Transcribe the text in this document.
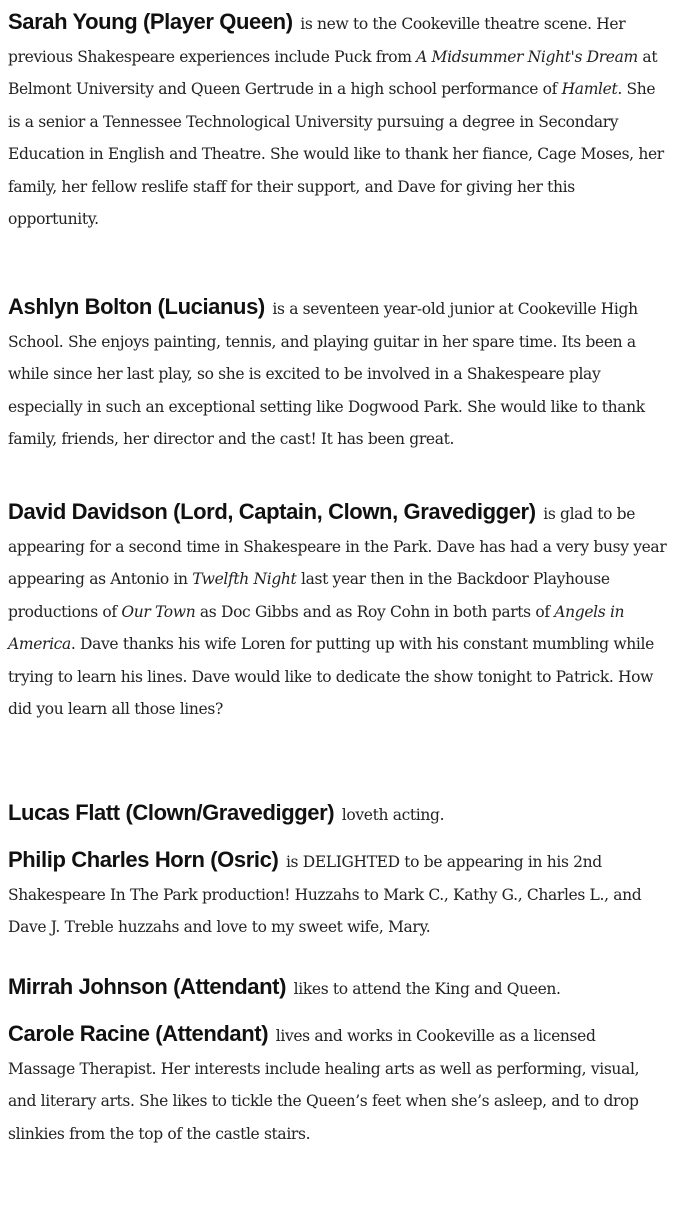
Sarah Young (Player Queen) is new to the Cookeville theatre scene. Her previous Shakespeare experiences include Puck from A Midsummer Night's Dream at Belmont University and Queen Gertrude in a high school performance of Hamlet. She is a senior a Tennessee Technological University pursuing a degree in Secondary Education in English and Theatre. She would like to thank her fiance, Cage Moses, her family, her fellow reslife staff for their support, and Dave for giving her this opportunity.

Ashlyn Bolton (Lucianus) is a seventeen year-old junior at Cookeville High School. She enjoys painting, tennis, and playing guitar in her spare time. Its been a while since her last play, so she is excited to be involved in a Shakespeare play especially in such an exceptional setting like Dogwood Park. She would like to thank family, friends, her director and the cast! It has been great.

David Davidson (Lord, Captain, Clown, Gravedigger) is glad to be appearing for a second time in Shakespeare in the Park. Dave has had a very busy year appearing as Antonio in Twelfth Night last year then in the Backdoor Playhouse productions of Our Town as Doc Gibbs and as Roy Cohn in both parts of Angels in America. Dave thanks his wife Loren for putting up with his constant mumbling while trying to learn his lines. Dave would like to dedicate the show tonight to Patrick. How did you learn all those lines?

Lucas Flatt (Clown/Gravedigger) loveth acting.

Philip Charles Horn (Osric) is DELIGHTED to be appearing in his 2nd Shakespeare In The Park production! Huzzahs to Mark C., Kathy G., Charles L., and Dave J. Treble huzzahs and love to my sweet wife, Mary.

Mirrah Johnson (Attendant) likes to attend the King and Queen.

Carole Racine (Attendant) lives and works in Cookeville as a licensed Massage Therapist. Her interests include healing arts as well as performing, visual, and literary arts. She likes to tickle the Queen’s feet when she’s asleep, and to drop slinkies from the top of the castle stairs.
